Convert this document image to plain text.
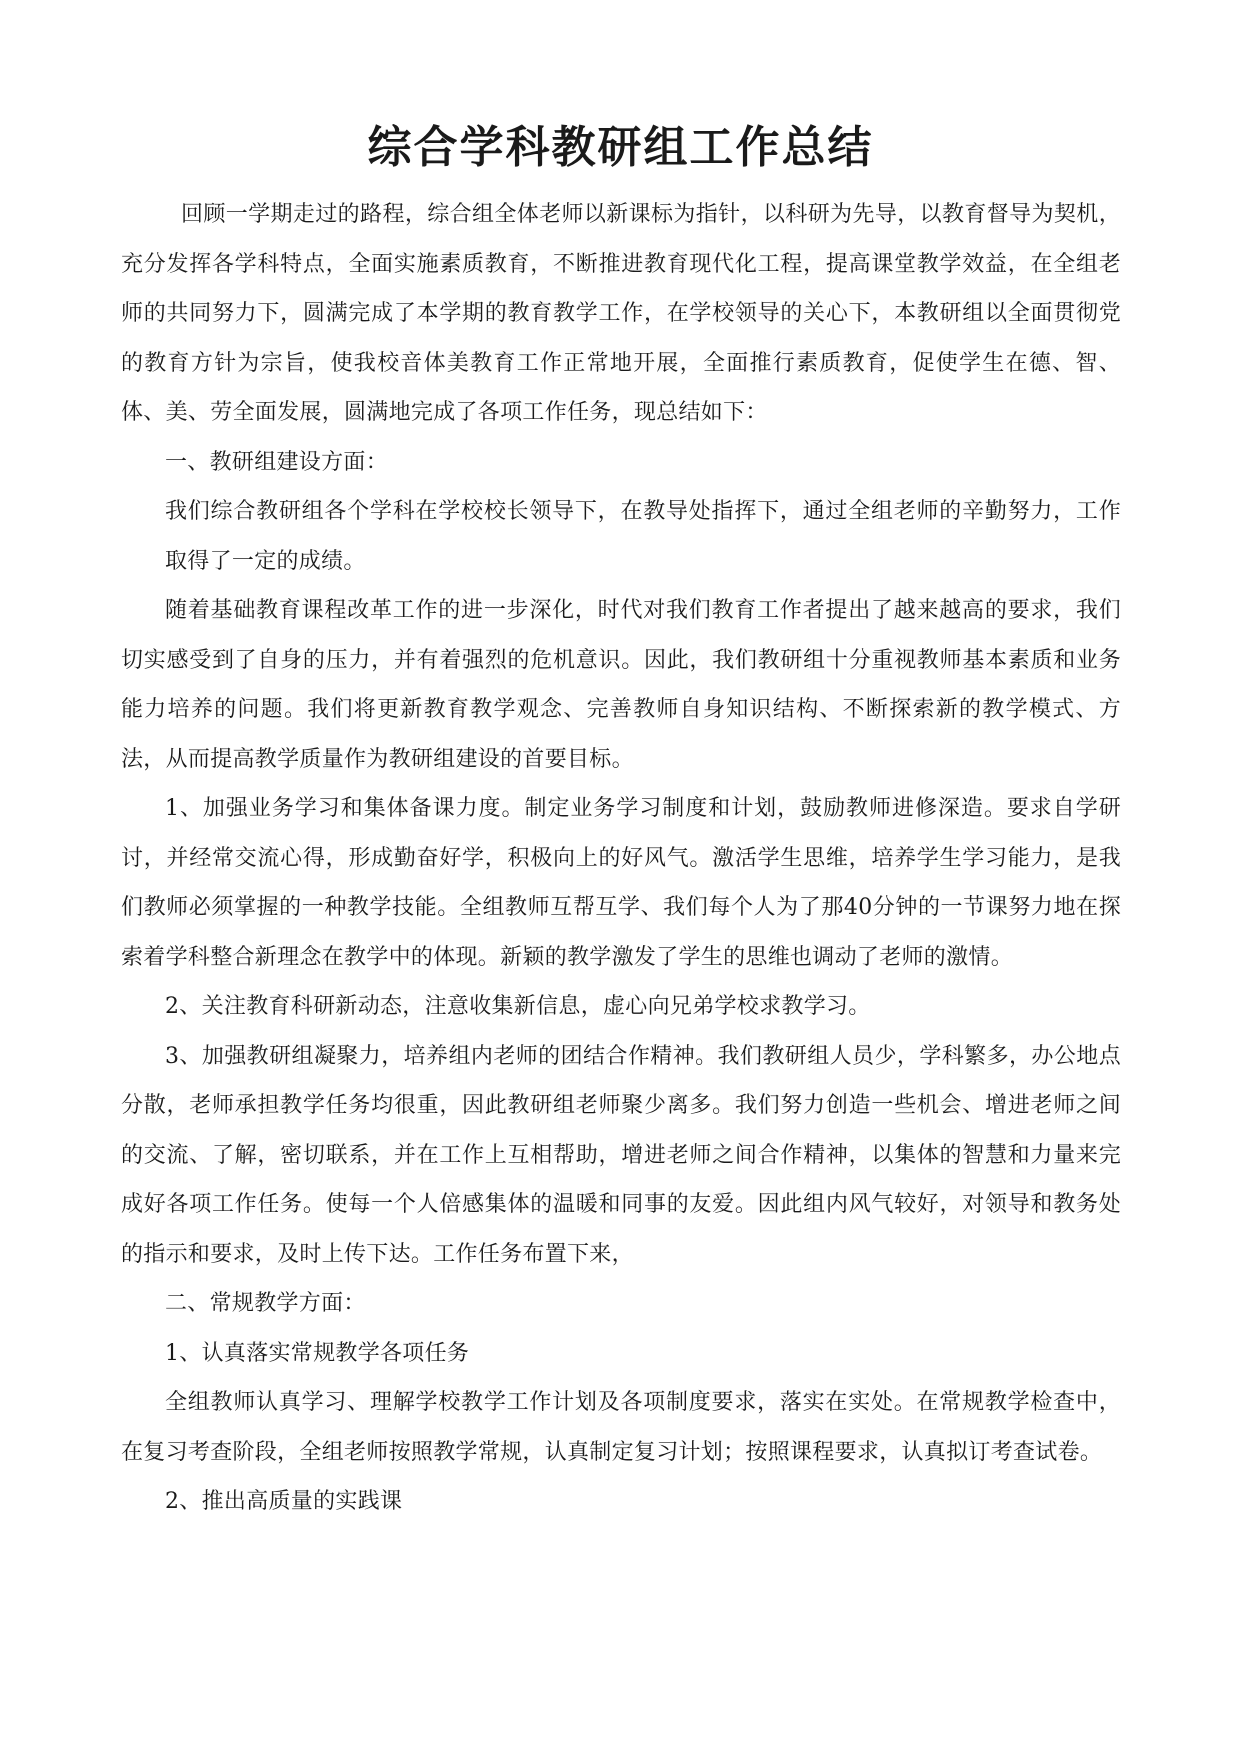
综合学科教研组工作总结

回顾一学期走过的路程，综合组全体老师以新课标为指针，以科研为先导，以教育督导为契机，充分发挥各学科特点，全面实施素质教育，不断推进教育现代化工程，提高课堂教学效益，在全组老师的共同努力下，圆满完成了本学期的教育教学工作，在学校领导的关心下，本教研组以全面贯彻党的教育方针为宗旨，使我校音体美教育工作正常地开展，全面推行素质教育，促使学生在德、智、体、美、劳全面发展，圆满地完成了各项工作任务，现总结如下：

一、教研组建设方面：

我们综合教研组各个学科在学校校长领导下，在教导处指挥下，通过全组老师的辛勤努力，工作取得了一定的成绩。

随着基础教育课程改革工作的进一步深化，时代对我们教育工作者提出了越来越高的要求，我们切实感受到了自身的压力，并有着强烈的危机意识。因此，我们教研组十分重视教师基本素质和业务能力培养的问题。我们将更新教育教学观念、完善教师自身知识结构、不断探索新的教学模式、方法，从而提高教学质量作为教研组建设的首要目标。

1、加强业务学习和集体备课力度。制定业务学习制度和计划，鼓励教师进修深造。要求自学研讨，并经常交流心得，形成勤奋好学，积极向上的好风气。激活学生思维，培养学生学习能力，是我们教师必须掌握的一种教学技能。全组教师互帮互学、我们每个人为了那40分钟的一节课努力地在探索着学科整合新理念在教学中的体现。新颖的教学激发了学生的思维也调动了老师的激情。

2、关注教育科研新动态，注意收集新信息，虚心向兄弟学校求教学习。

3、加强教研组凝聚力，培养组内老师的团结合作精神。我们教研组人员少，学科繁多，办公地点分散，老师承担教学任务均很重，因此教研组老师聚少离多。我们努力创造一些机会、增进老师之间的交流、了解，密切联系，并在工作上互相帮助，增进老师之间合作精神，以集体的智慧和力量来完成好各项工作任务。使每一个人倍感集体的温暖和同事的友爱。因此组内风气较好，对领导和教务处的指示和要求，及时上传下达。工作任务布置下来，

二、常规教学方面：

1、认真落实常规教学各项任务

全组教师认真学习、理解学校教学工作计划及各项制度要求，落实在实处。在常规教学检查中，在复习考查阶段，全组老师按照教学常规，认真制定复习计划；按照课程要求，认真拟订考查试卷。

2、推出高质量的实践课
